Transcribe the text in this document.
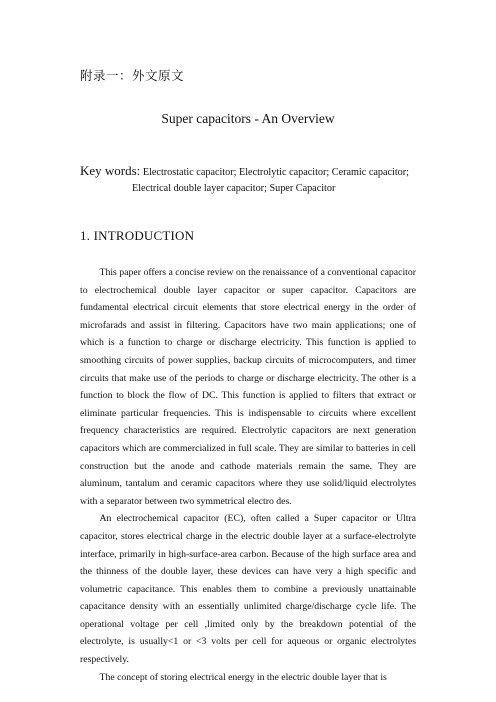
附录一：外文原文
Super capacitors - An Overview
Key words: Electrostatic capacitor; Electrolytic capacitor; Ceramic capacitor;
Electrical double layer capacitor; Super Capacitor
1. INTRODUCTION

This paper offers a concise review on the renaissance of a conventional capacitor to electrochemical double layer capacitor or super capacitor. Capacitors are fundamental electrical circuit elements that store electrical energy in the order of microfarads and assist in filtering. Capacitors have two main applications; one of which is a function to charge or discharge electricity. This function is applied to smoothing circuits of power supplies, backup circuits of microcomputers, and timer circuits that make use of the periods to charge or discharge electricity. The other is a function to block the flow of DC. This function is applied to filters that extract or eliminate particular frequencies. This is indispensable to circuits where excellent frequency characteristics are required. Electrolytic capacitors are next generation capacitors which are commercialized in full scale. They are similar to batteries in cell construction but the anode and cathode materials remain the same. They are aluminum, tantalum and ceramic capacitors where they use solid/liquid electrolytes with a separator between two symmetrical electro des.

An electrochemical capacitor (EC), often called a Super capacitor or Ultra capacitor, stores electrical charge in the electric double layer at a surface-electrolyte interface, primarily in high-surface-area carbon. Because of the high surface area and the thinness of the double layer, these devices can have very a high specific and volumetric capacitance. This enables them to combine a previously unattainable capacitance density with an essentially unlimited charge/discharge cycle life. The operational voltage per cell ,limited only by the breakdown potential of the electrolyte, is usually<1 or <3 volts per cell for aqueous or organic electrolytes respectively.

The concept of storing electrical energy in the electric double layer that is
